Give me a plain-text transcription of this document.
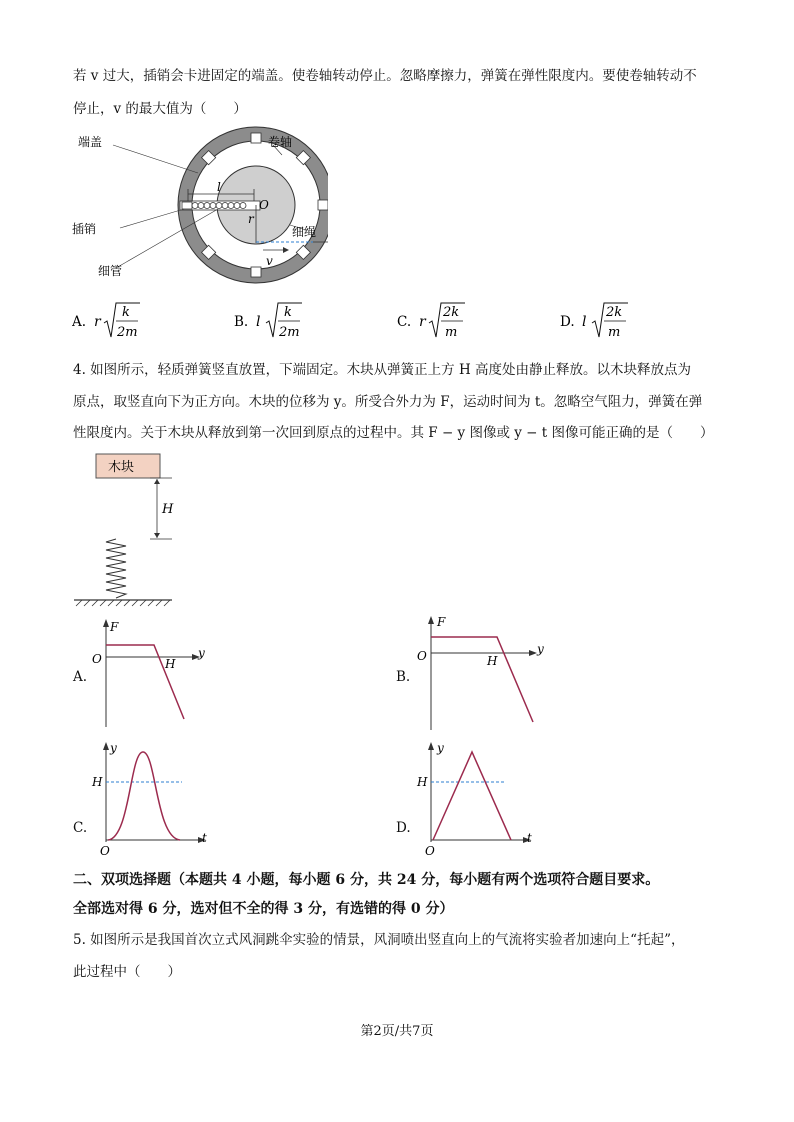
若 v 过大，插销会卡进固定的端盖。使卷轴转动停止。忽略摩擦力，弹簧在弹性限度内。要使卷轴转动不
停止，v 的最大值为（　　）
端盖	卷轴
插销
细管
细绳
l
O
r
v
A. r
k
2m
B. l
k
2m
C. r
2k
m
D. l
2k
m
4. 如图所示，轻质弹簧竖直放置，下端固定。木块从弹簧正上方 H 高度处由静止释放。以木块释放点为
原点，取竖直向下为正方向。木块的位移为 y。所受合外力为 F，运动时间为 t。忽略空气阻力，弹簧在弹
性限度内。关于木块从释放到第一次回到原点的过程中。其 F − y 图像或 y − t 图像可能正确的是（　　）
木块
H
A.
F
O	y
H
B.
F
O	y
H
C.
y
H
O
t
D.
y
H
O
t
二、双项选择题（本题共 4 小题，每小题 6 分，共 24 分，每小题有两个选项符合题目要求。
全部选对得 6 分，选对但不全的得 3 分，有选错的得 0 分）
5. 如图所示是我国首次立式风洞跳伞实验的情景，风洞喷出竖直向上的气流将实验者加速向上“托起”，
此过程中（　　）
第2页/共7页
